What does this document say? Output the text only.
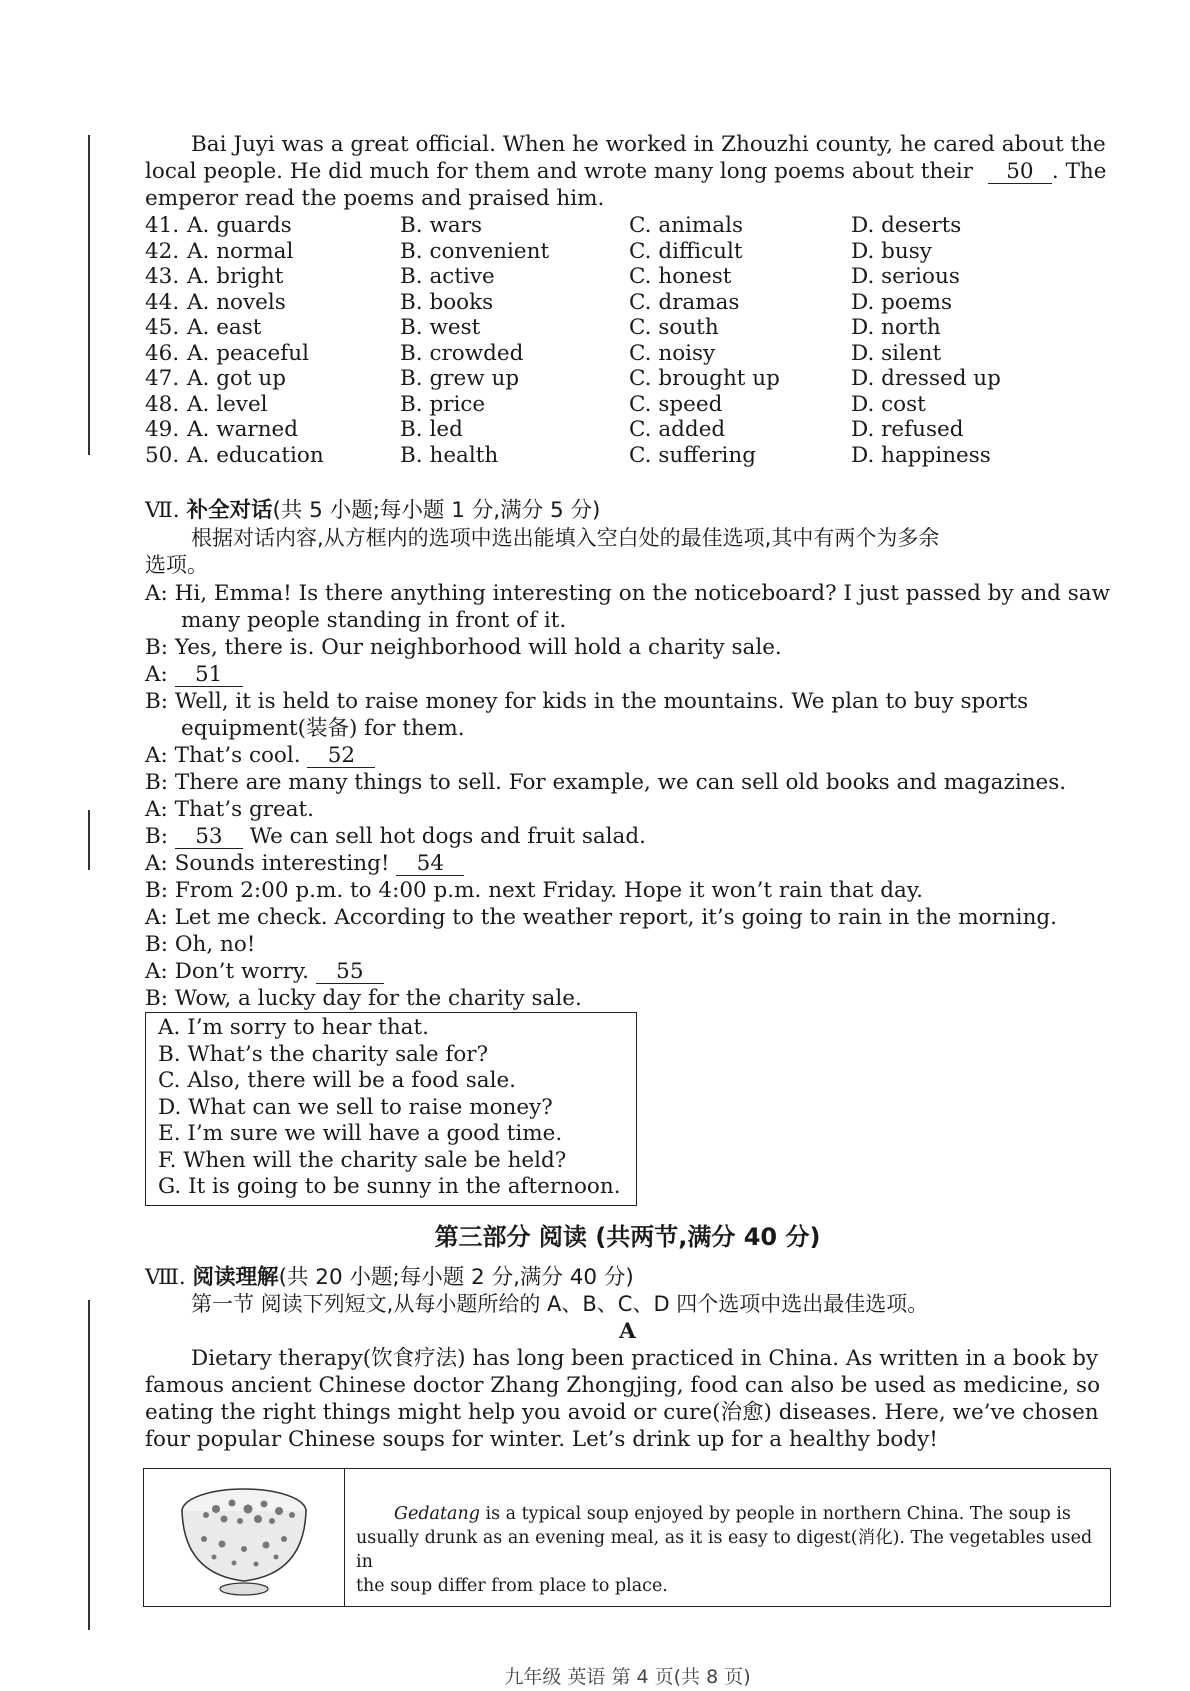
Bai Juyi was a great official. When he worked in Zhouzhi county, he cared about the
local people. He did much for them and wrote many long poems about their 50 . The
emperor read the poems and praised him.
41. A. guards	B. wars	C. animals	D. deserts
42. A. normal	B. convenient	C. difficult	D. busy
43. A. bright	B. active	C. honest	D. serious
44. A. novels	B. books	C. dramas	D. poems
45. A. east	B. west	C. south	D. north
46. A. peaceful	B. crowded	C. noisy	D. silent
47. A. got up	B. grew up	C. brought up	D. dressed up
48. A. level	B. price	C. speed	D. cost
49. A. warned	B. led	C. added	D. refused
50. A. education	B. health	C. suffering	D. happiness
Ⅶ. 补全对话(共 5 小题;每小题 1 分,满分 5 分)
根据对话内容,从方框内的选项中选出能填入空白处的最佳选项,其中有两个为多余
选项。
A: Hi, Emma! Is there anything interesting on the noticeboard? I just passed by and saw
many people standing in front of it.
B: Yes, there is. Our neighborhood will hold a charity sale.
A: 51
B: Well, it is held to raise money for kids in the mountains. We plan to buy sports
equipment(装备) for them.
A: That’s cool. 52
B: There are many things to sell. For example, we can sell old books and magazines.
A: That’s great.
B: 53 We can sell hot dogs and fruit salad.
A: Sounds interesting! 54
B: From 2:00 p.m. to 4:00 p.m. next Friday. Hope it won’t rain that day.
A: Let me check. According to the weather report, it’s going to rain in the morning.
B: Oh, no!
A: Don’t worry. 55
B: Wow, a lucky day for the charity sale.
A. I’m sorry to hear that.
B. What’s the charity sale for?
C. Also, there will be a food sale.
D. What can we sell to raise money?
E. I’m sure we will have a good time.
F. When will the charity sale be held?
G. It is going to be sunny in the afternoon.
第三部分 阅读 (共两节,满分 40 分)
Ⅷ. 阅读理解(共 20 小题;每小题 2 分,满分 40 分)
第一节 阅读下列短文,从每小题所给的 A、B、C、D 四个选项中选出最佳选项。
A
Dietary therapy(饮食疗法) has long been practiced in China. As written in a book by
famous ancient Chinese doctor Zhang Zhongjing, food can also be used as medicine, so
eating the right things might help you avoid or cure(治愈) diseases. Here, we’ve chosen
four popular Chinese soups for winter. Let’s drink up for a healthy body!
Gedatang is a typical soup enjoyed by people in northern China. The soup is
usually drunk as an evening meal, as it is easy to digest(消化). The vegetables used in
the soup differ from place to place.
九年级 英语 第 4 页(共 8 页)
